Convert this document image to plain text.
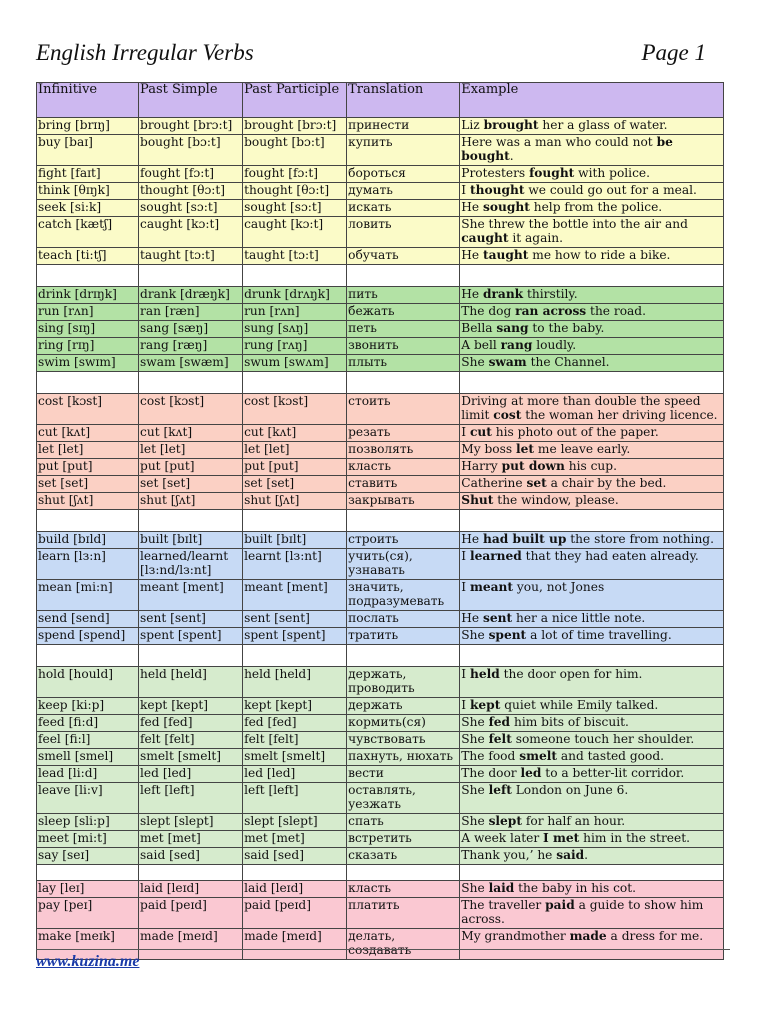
English Irregular Verbs	Page 1
Infinitive	Past Simple	Past Participle	Translation	Example
bring [brɪŋ]	brought [brɔ:t]	brought [brɔ:t]	принести	Liz brought her a glass of water.
buy [baɪ]	bought [bɔ:t]	bought [bɔ:t]	купить	Here was a man who could not be bought.
fight [faɪt]	fought [fɔ:t]	fought [fɔ:t]	бороться	Protesters fought with police.
think [θɪŋk]	thought [θɔ:t]	thought [θɔ:t]	думать	I thought we could go out for a meal.
seek [si:k]	sought [sɔ:t]	sought [sɔ:t]	искать	He sought help from the police.
catch [kætʃ]	caught [kɔ:t]	caught [kɔ:t]	ловить	She threw the bottle into the air and caught it again.
teach [ti:tʃ]	taught [tɔ:t]	taught [tɔ:t]	обучать	He taught me how to ride a bike.

drink [drɪŋk]	drank [dræŋk]	drunk [drʌŋk]	пить	He drank thirstily.
run [rʌn]	ran [ræn]	run [rʌn]	бежать	The dog ran across the road.
sing [sɪŋ]	sang [sæŋ]	sung [sʌŋ]	петь	Bella sang to the baby.
ring [rɪŋ]	rang [ræŋ]	rung [rʌŋ]	звонить	A bell rang loudly.
swim [swɪm]	swam [swæm]	swum [swʌm]	плыть	She swam the Channel.

cost [kɔst]	cost [kɔst]	cost [kɔst]	стоить	Driving at more than double the speed limit cost the woman her driving licence.
cut [kʌt]	cut [kʌt]	cut [kʌt]	резать	I cut his photo out of the paper.
let [let]	let [let]	let [let]	позволять	My boss let me leave early.
put [put]	put [put]	put [put]	класть	Harry put down his cup.
set [set]	set [set]	set [set]	ставить	Catherine set a chair by the bed.
shut [ʃʌt]	shut [ʃʌt]	shut [ʃʌt]	закрывать	Shut the window, please.

build [bɪld]	built [bɪlt]	built [bɪlt]	строить	He had built up the store from nothing.
learn [lз:n]	learned/learnt [lз:nd/lз:nt]	learnt [lз:nt]	учить(ся), узнавать	I learned that they had eaten already.
mean [mi:n]	meant [ment]	meant [ment]	значить, подразумевать	I meant you, not Jones
send [send]	sent [sent]	sent [sent]	послать	He sent her a nice little note.
spend [spend]	spent [spent]	spent [spent]	тратить	She spent a lot of time travelling.

hold [hould]	held [held]	held [held]	держать, проводить	I held the door open for him.
keep [ki:p]	kept [kept]	kept [kept]	держать	I kept quiet while Emily talked.
feed [fi:d]	fed [fed]	fed [fed]	кормить(ся)	She fed him bits of biscuit.
feel [fi:l]	felt [felt]	felt [felt]	чувствовать	She felt someone touch her shoulder.
smell [smel]	smelt [smelt]	smelt [smelt]	пахнуть, нюхать	The food smelt and tasted good.
lead [li:d]	led [led]	led [led]	вести	The door led to a better-lit corridor.
leave [li:v]	left [left]	left [left]	оставлять, уезжать	She left London on June 6.
sleep [sli:p]	slept [slept]	slept [slept]	спать	She slept for half an hour.
meet [mi:t]	met [met]	met [met]	встретить	A week later I met him in the street.
say [seɪ]	said [sed]	said [sed]	сказать	Thank you,’ he said.

lay [leɪ]	laid [leɪd]	laid [leɪd]	класть	She laid the baby in his cot.
pay [peɪ]	paid [peɪd]	paid [peɪd]	платить	The traveller paid a guide to show him across.
make [meɪk]	made [meɪd]	made [meɪd]	делать, создавать	My grandmother made a dress for me.
www.kuzina.me
